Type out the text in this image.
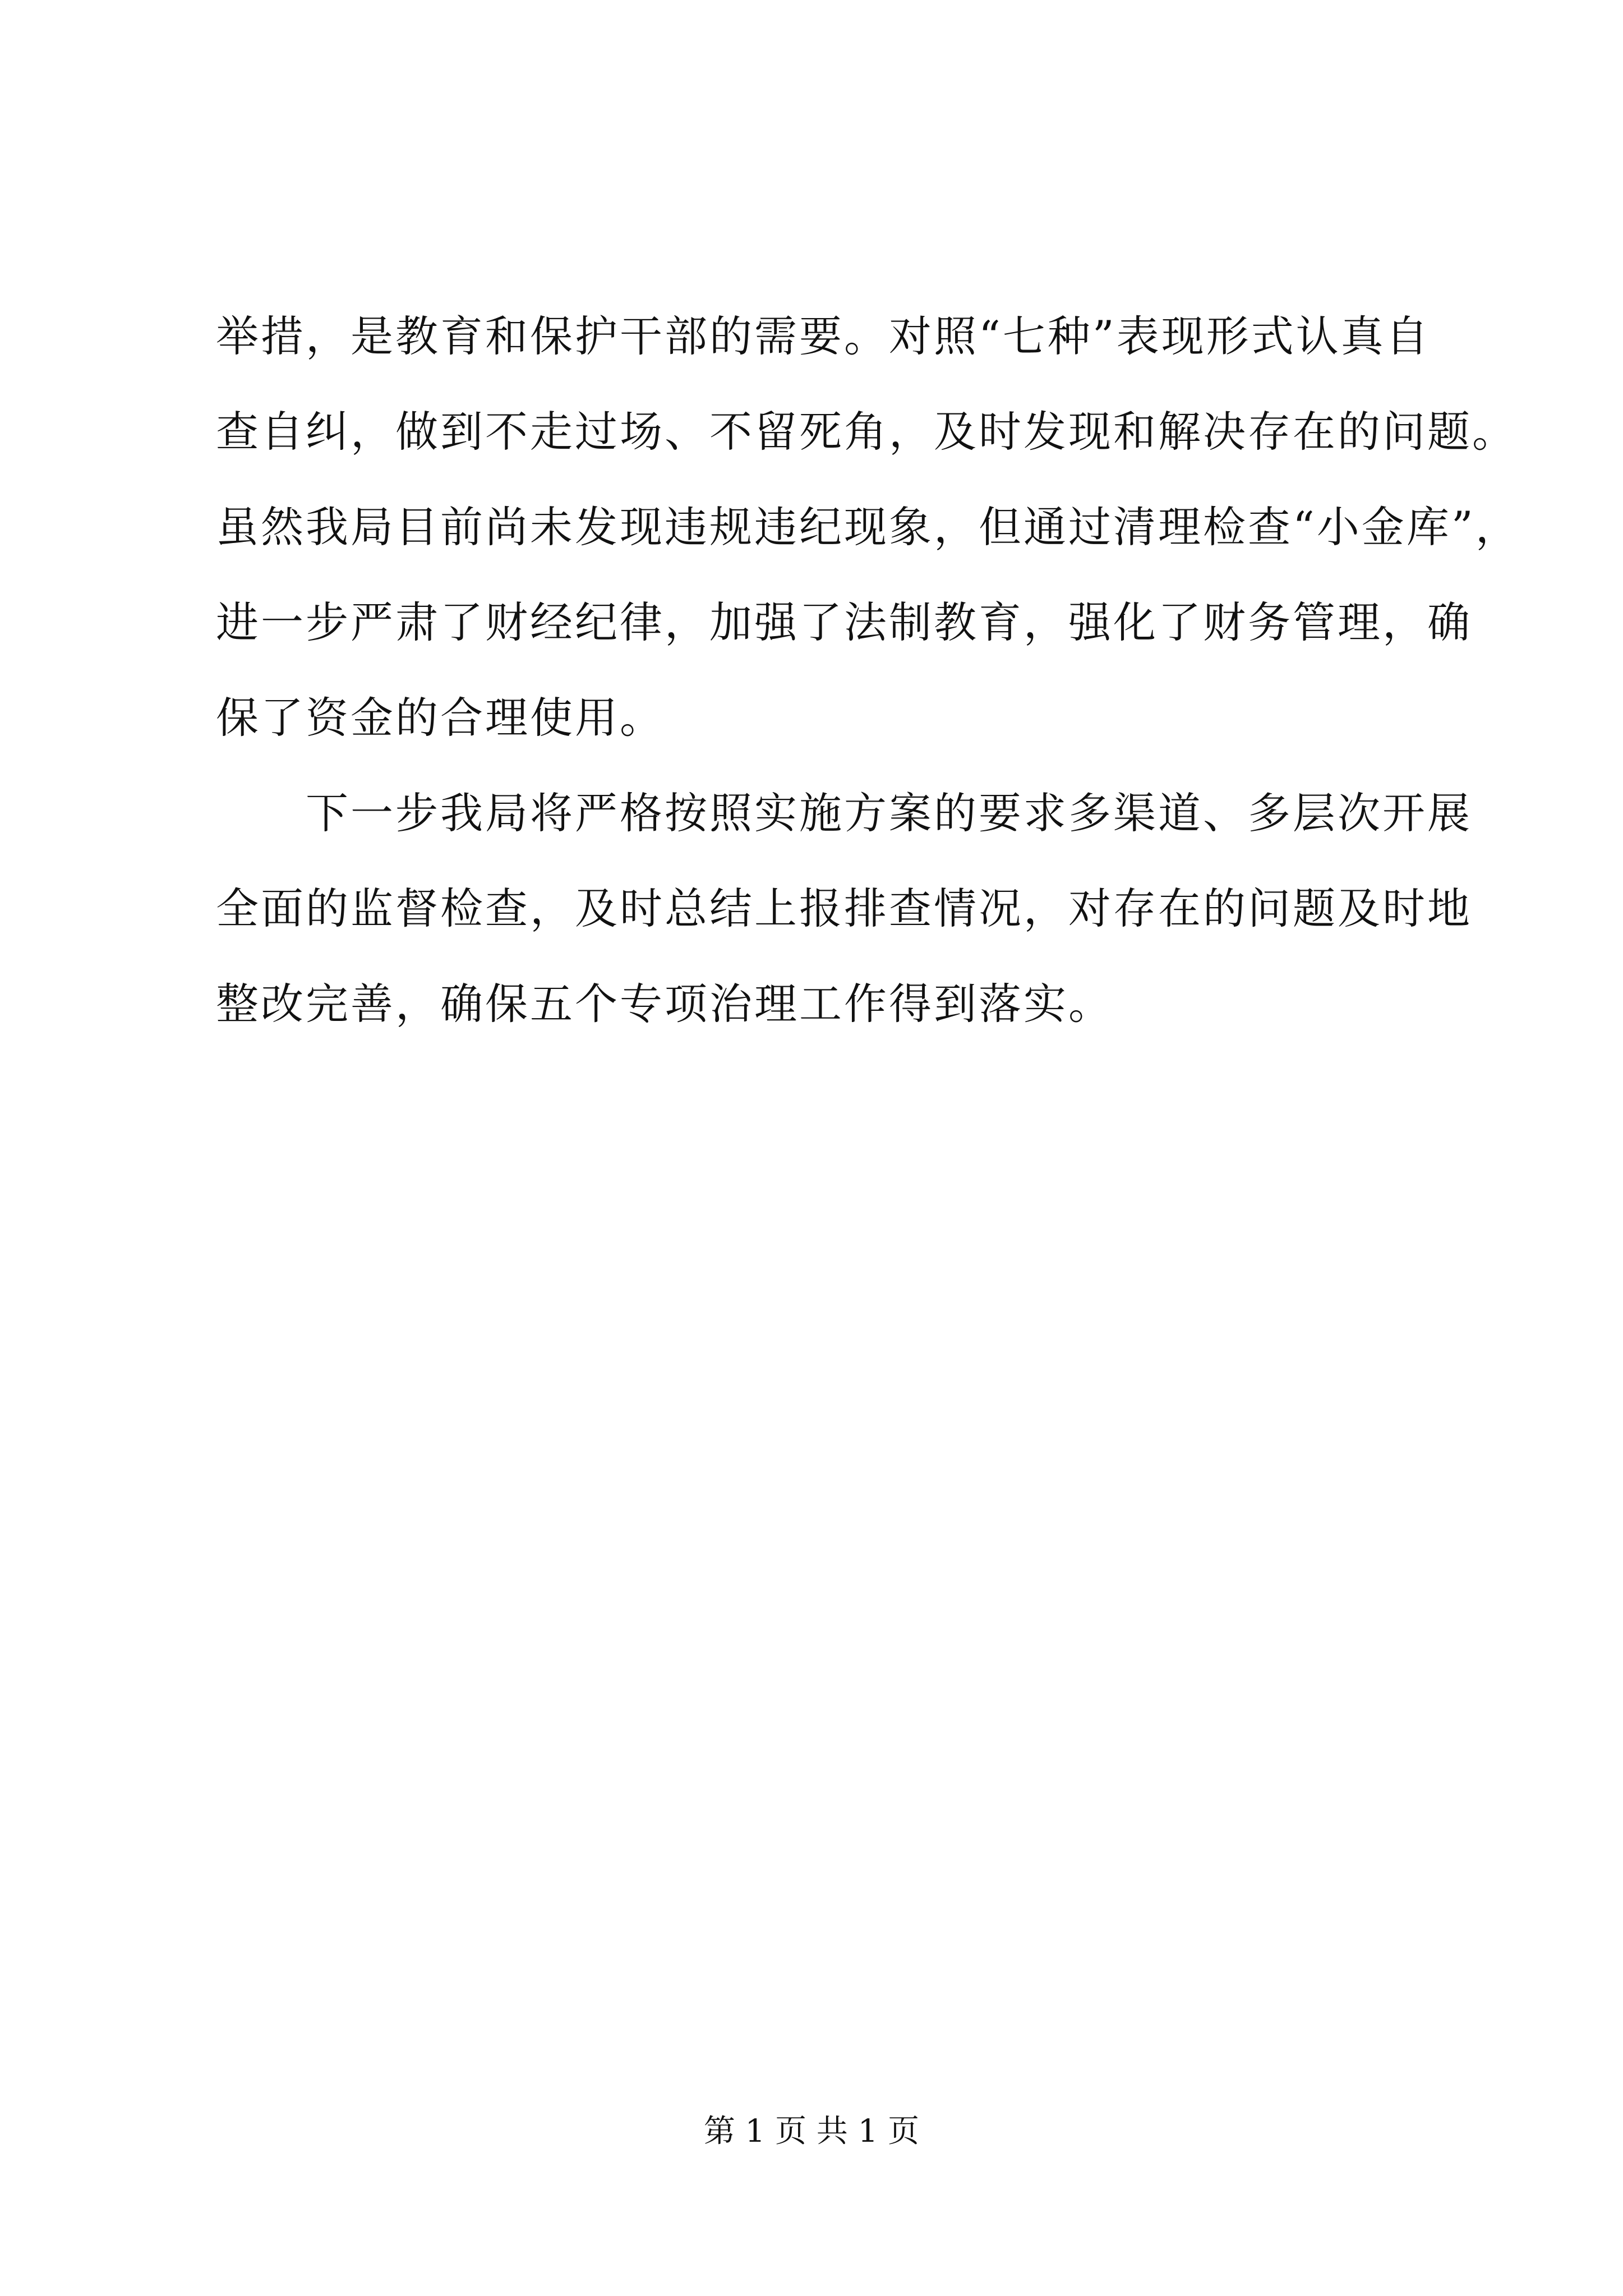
举措，是教育和保护干部的需要。对照“七种”表现形式认真自
查自纠，做到不走过场、不留死角，及时发现和解决存在的问题。
虽然我局目前尚未发现违规违纪现象，但通过清理检查“小金库”，
进一步严肃了财经纪律，加强了法制教育，强化了财务管理，确
保了资金的合理使用。
下一步我局将严格按照实施方案的要求多渠道、多层次开展
全面的监督检查，及时总结上报排查情况，对存在的问题及时地
整改完善，确保五个专项治理工作得到落实。
第 1 页 共 1 页
